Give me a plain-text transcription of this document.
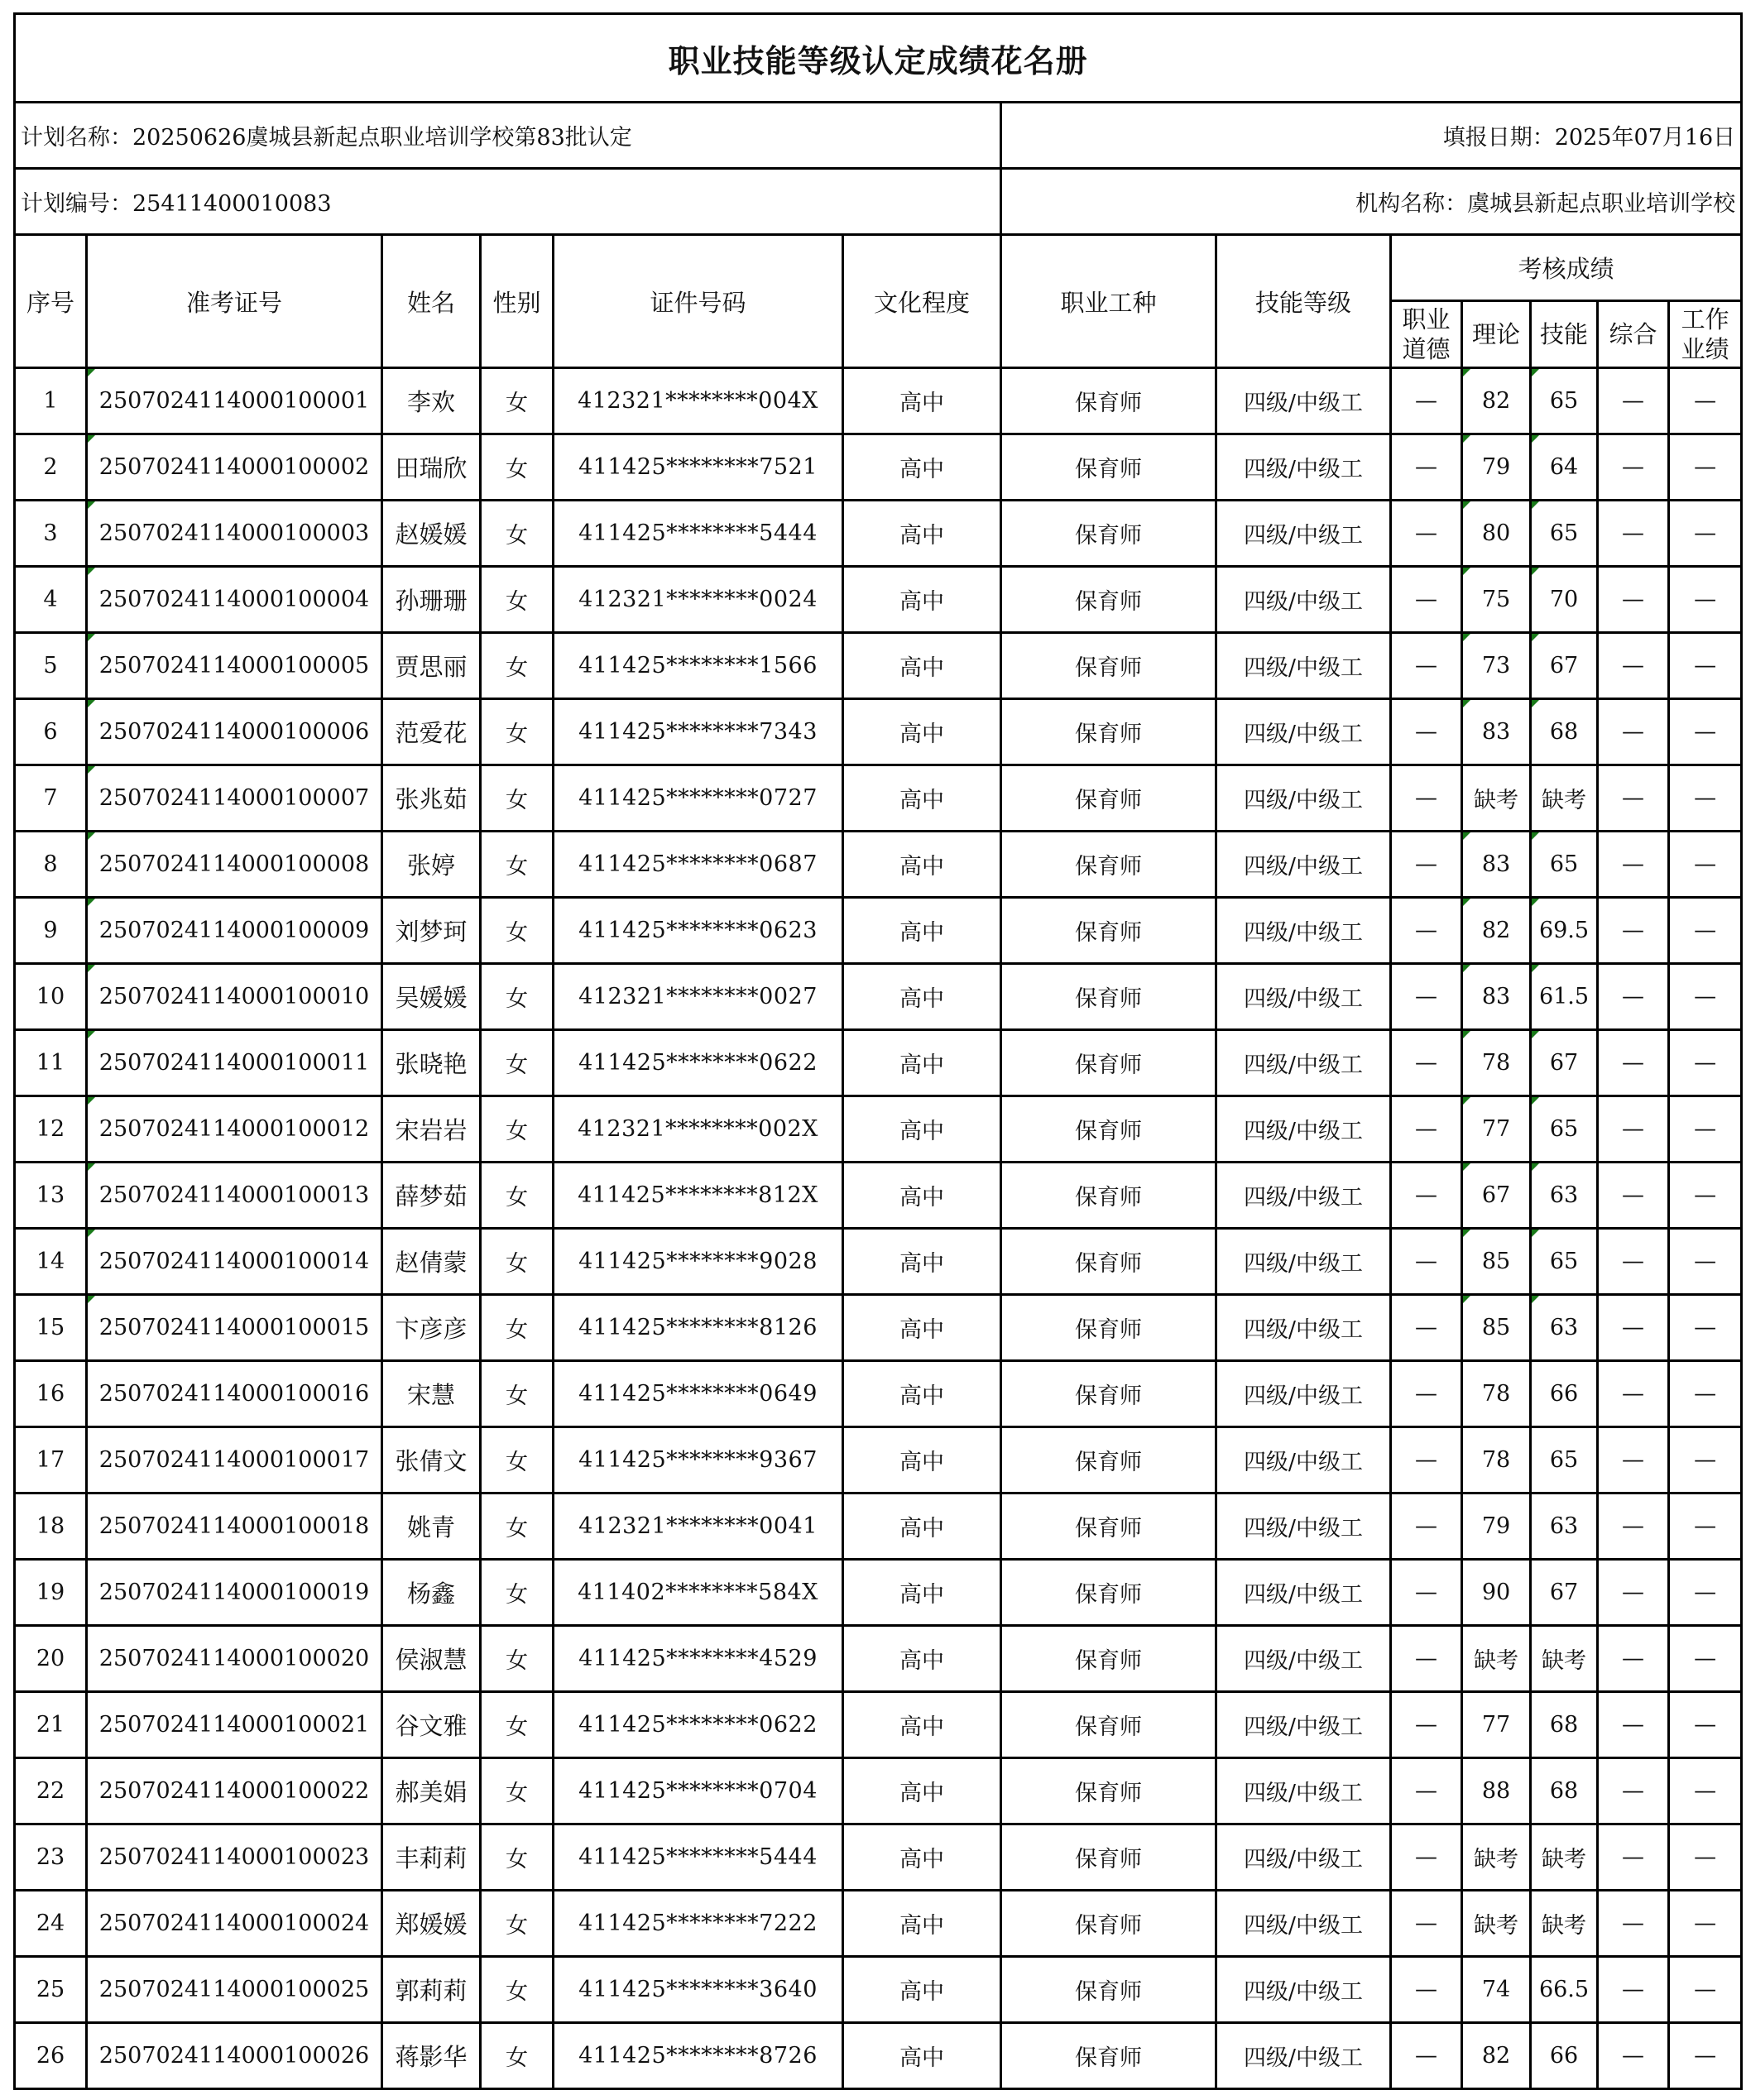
职业技能等级认定成绩花名册												
计划名称：20250626虞城县新起点职业培训学校第83批认定						填报日期：2025年07月16日						
计划编号：25411400010083						机构名称：虞城县新起点职业培训学校						
序号	准考证号	姓名	性别	证件号码	文化程度	职业工种	技能等级	考核成绩				
								职业道德	理论	技能	综合	工作业绩
1	2507024114000100001	李欢	女	412321********004X	高中	保育师	四级/中级工	—	82	65	—	—
2	2507024114000100002	田瑞欣	女	411425********7521	高中	保育师	四级/中级工	—	79	64	—	—
3	2507024114000100003	赵媛媛	女	411425********5444	高中	保育师	四级/中级工	—	80	65	—	—
4	2507024114000100004	孙珊珊	女	412321********0024	高中	保育师	四级/中级工	—	75	70	—	—
5	2507024114000100005	贾思丽	女	411425********1566	高中	保育师	四级/中级工	—	73	67	—	—
6	2507024114000100006	范爱花	女	411425********7343	高中	保育师	四级/中级工	—	83	68	—	—
7	2507024114000100007	张兆茹	女	411425********0727	高中	保育师	四级/中级工	—	缺考	缺考	—	—
8	2507024114000100008	张婷	女	411425********0687	高中	保育师	四级/中级工	—	83	65	—	—
9	2507024114000100009	刘梦珂	女	411425********0623	高中	保育师	四级/中级工	—	82	69.5	—	—
10	2507024114000100010	吴媛媛	女	412321********0027	高中	保育师	四级/中级工	—	83	61.5	—	—
11	2507024114000100011	张晓艳	女	411425********0622	高中	保育师	四级/中级工	—	78	67	—	—
12	2507024114000100012	宋岩岩	女	412321********002X	高中	保育师	四级/中级工	—	77	65	—	—
13	2507024114000100013	薛梦茹	女	411425********812X	高中	保育师	四级/中级工	—	67	63	—	—
14	2507024114000100014	赵倩蒙	女	411425********9028	高中	保育师	四级/中级工	—	85	65	—	—
15	2507024114000100015	卞彦彦	女	411425********8126	高中	保育师	四级/中级工	—	85	63	—	—
16	2507024114000100016	宋慧	女	411425********0649	高中	保育师	四级/中级工	—	78	66	—	—
17	2507024114000100017	张倩文	女	411425********9367	高中	保育师	四级/中级工	—	78	65	—	—
18	2507024114000100018	姚青	女	412321********0041	高中	保育师	四级/中级工	—	79	63	—	—
19	2507024114000100019	杨鑫	女	411402********584X	高中	保育师	四级/中级工	—	90	67	—	—
20	2507024114000100020	侯淑慧	女	411425********4529	高中	保育师	四级/中级工	—	缺考	缺考	—	—
21	2507024114000100021	谷文雅	女	411425********0622	高中	保育师	四级/中级工	—	77	68	—	—
22	2507024114000100022	郝美娟	女	411425********0704	高中	保育师	四级/中级工	—	88	68	—	—
23	2507024114000100023	丰莉莉	女	411425********5444	高中	保育师	四级/中级工	—	缺考	缺考	—	—
24	2507024114000100024	郑媛媛	女	411425********7222	高中	保育师	四级/中级工	—	缺考	缺考	—	—
25	2507024114000100025	郭莉莉	女	411425********3640	高中	保育师	四级/中级工	—	74	66.5	—	—
26	2507024114000100026	蒋影华	女	411425********8726	高中	保育师	四级/中级工	—	82	66	—	—
